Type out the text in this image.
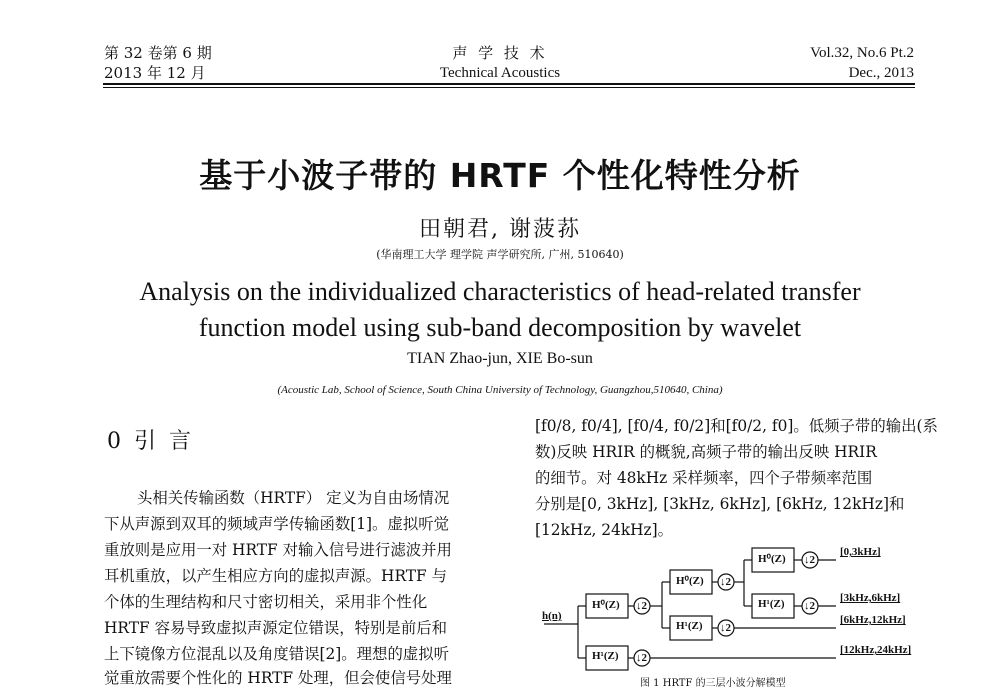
第 32 卷第 6 期
2013 年 12 月
声 学 技 术
Technical Acoustics
Vol.32, No.6 Pt.2
Dec., 2013
基于小波子带的 HRTF 个性化特性分析
田朝君, 谢菠荪
(华南理工大学 理学院 声学研究所, 广州, 510640)
Analysis on the individualized characteristics of head-related transfer
function model using sub-band decomposition by wavelet
TIAN Zhao-jun, XIE Bo-sun
(Acoustic Lab, School of Science, South China University of Technology, Guangzhou,510640, China)
0 引 言
头相关传输函数（HRTF） 定义为自由场情况
下从声源到双耳的频域声学传输函数[1]。虚拟听觉
重放则是应用一对 HRTF 对输入信号进行滤波并用
耳机重放，以产生相应方向的虚拟声源。HRTF 与
个体的生理结构和尺寸密切相关，采用非个性化
HRTF 容易导致虚拟声源定位错误，特别是前后和
上下镜像方位混乱以及角度错误[2]。理想的虚拟听
觉重放需要个性化的 HRTF 处理，但会使信号处理
[f0/8, f0/4], [f0/4, f0/2]和[f0/2, f0]。低频子带的输出(系
数)反映 HRIR 的概貌,高频子带的输出反映 HRIR
的细节。对 48kHz 采样频率，四个子带频率范围
分别是[0, 3kHz], [3kHz, 6kHz], [6kHz, 12kHz]和
[12kHz, 24kHz]。
h(n)
H⁰(Z) ↓2
H¹(Z) ↓2
H⁰(Z) ↓2
H¹(Z) ↓2
H⁰(Z) ↓2
H¹(Z) ↓2
[0,3kHz]
[3kHz,6kHz]
[6kHz,12kHz]
[12kHz,24kHz]
图 1 HRTF 的三层小波分解模型
